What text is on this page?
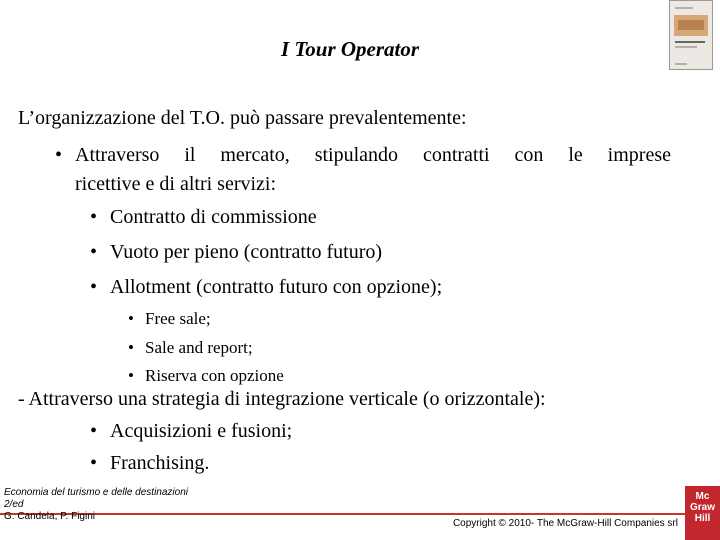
I Tour Operator
L’organizzazione del T.O. può passare prevalentemente:
• Attraverso il mercato, stipulando contratti con le imprese
ricettive e di altri servizi:
• Contratto di commissione
• Vuoto per pieno (contratto futuro)
• Allotment (contratto futuro con opzione);
• Free sale;
• Sale and report;
• Riserva con opzione
- Attraverso una strategia di integrazione verticale (o orizzontale):
• Acquisizioni e fusioni;
• Franchising.
Economia del turismo e delle destinazioni 2/ed
G. Candela, P. Figini
Copyright © 2010- The McGraw-Hill Companies srl
Mc
Graw
Hill
